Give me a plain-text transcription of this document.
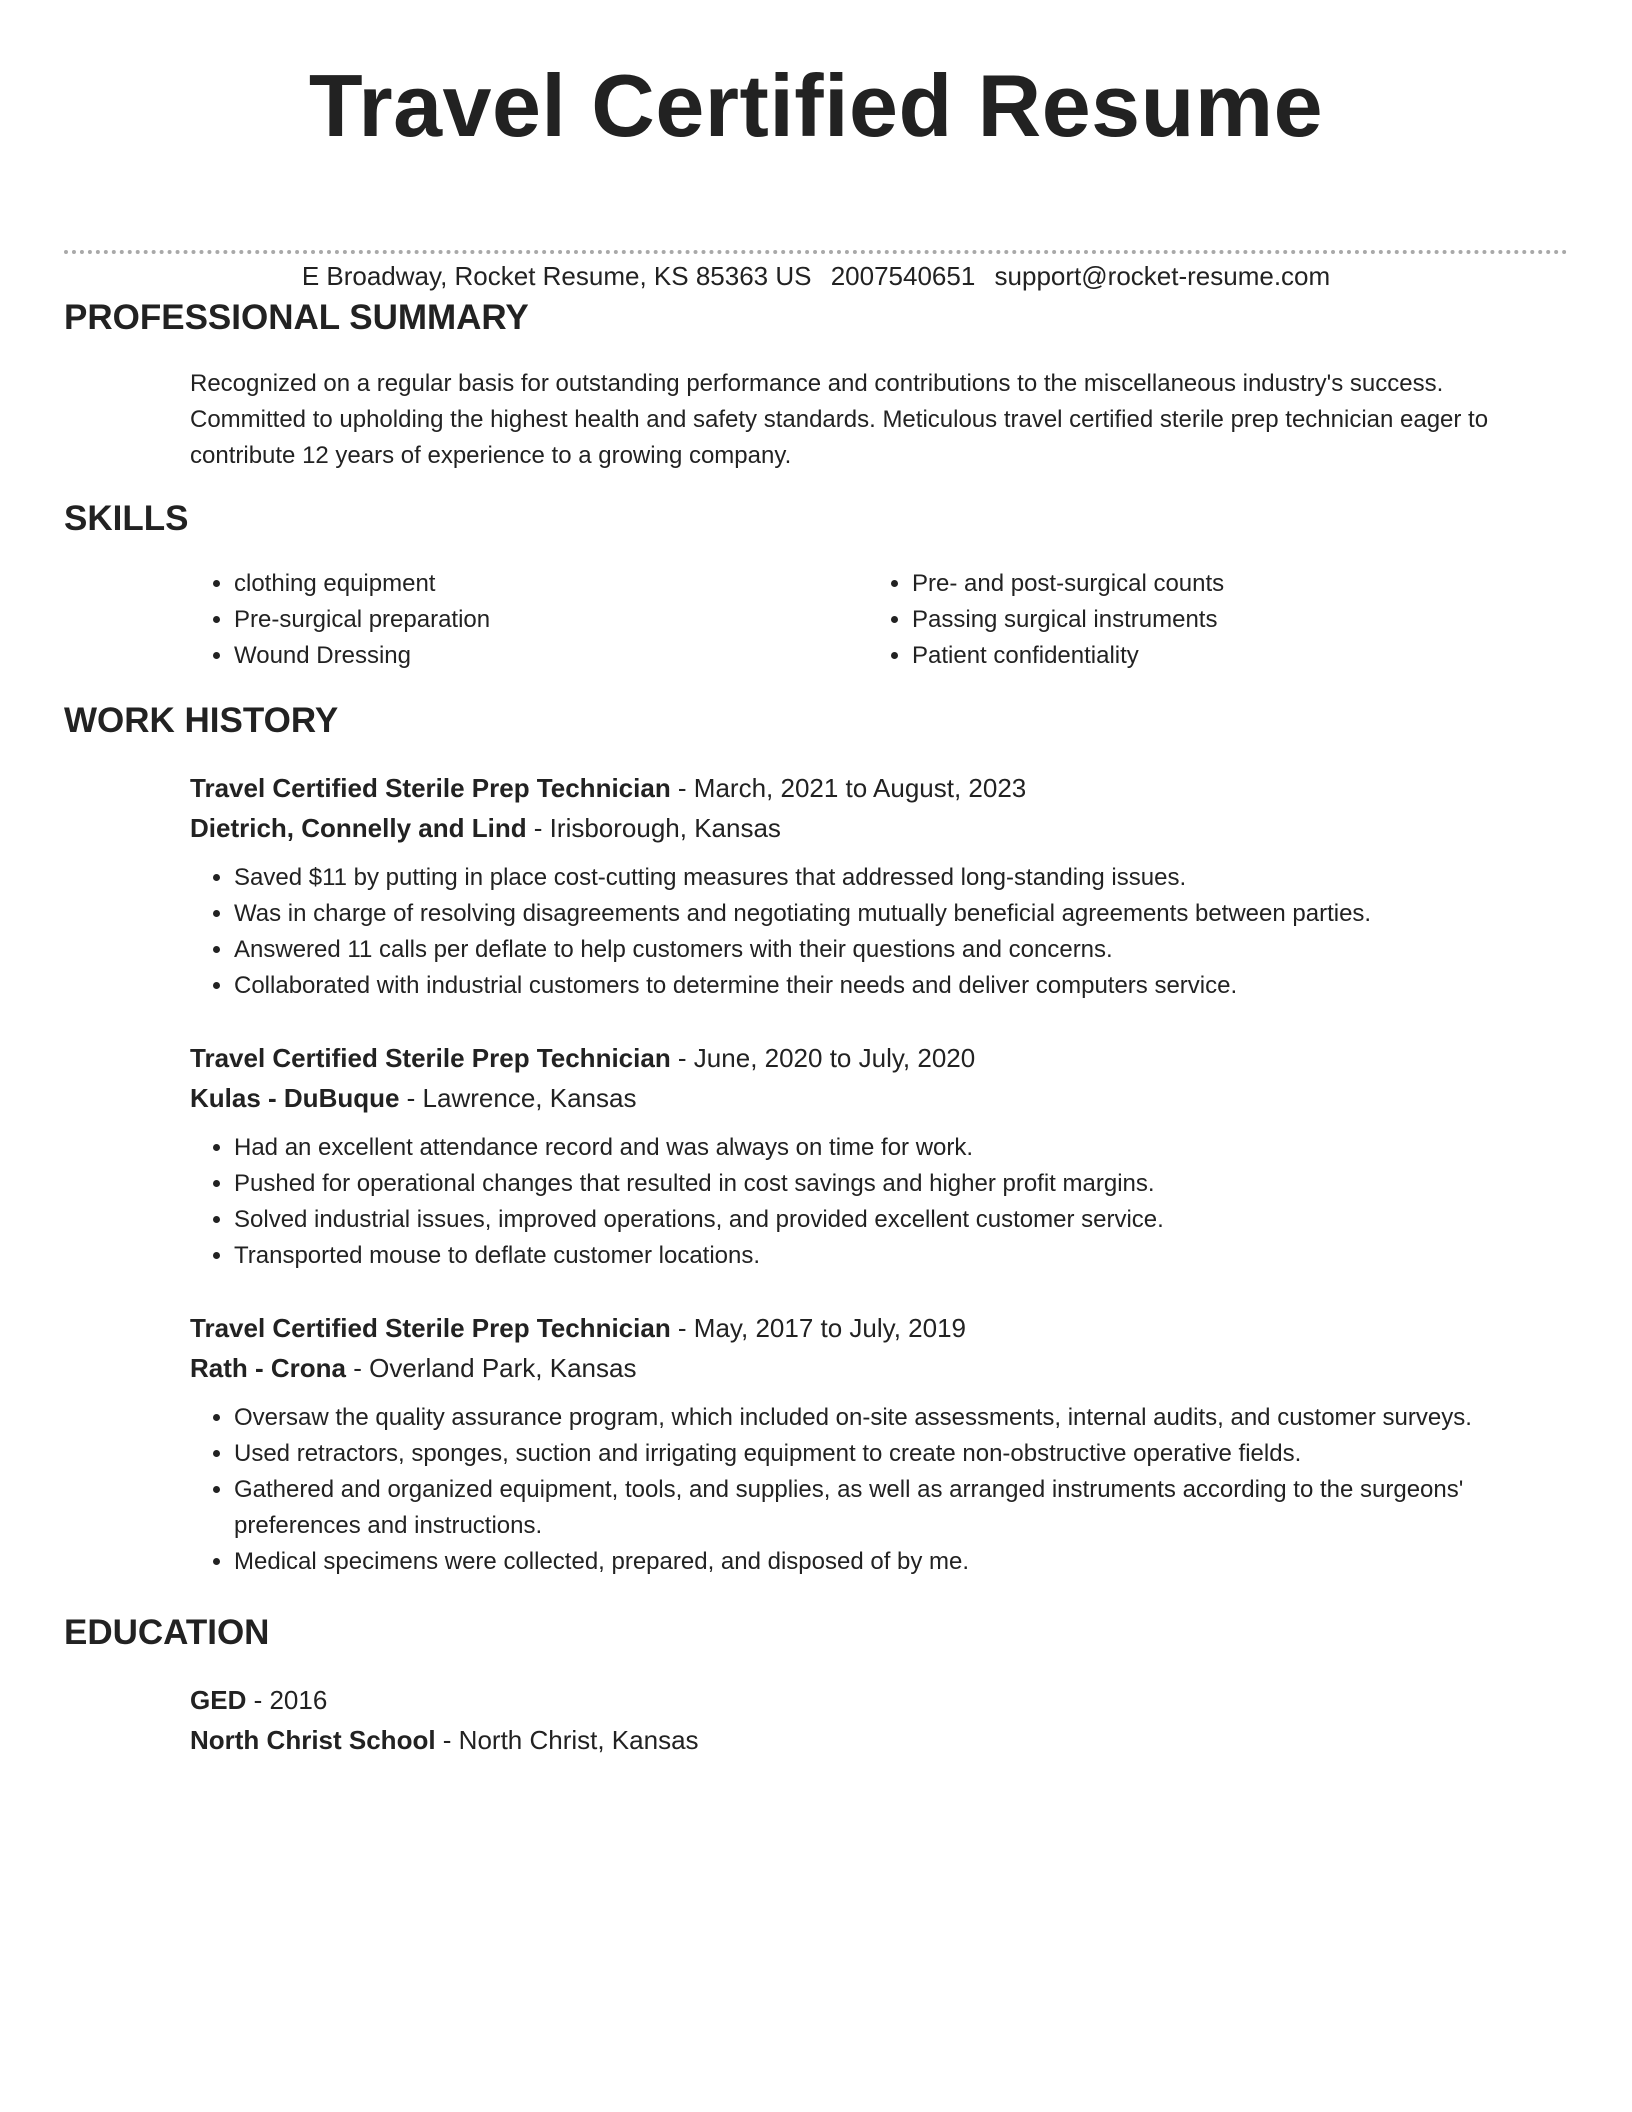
Travel Certified Resume
E Broadway, Rocket Resume, KS 85363 US 2007540651 support@rocket-resume.com
PROFESSIONAL SUMMARY

Recognized on a regular basis for outstanding performance and contributions to the miscellaneous industry's success. Committed to upholding the highest health and safety standards. Meticulous travel certified sterile prep technician eager to contribute 12 years of experience to a growing company.

SKILLS
• clothing equipment
• Pre-surgical preparation
• Wound Dressing
• Pre- and post-surgical counts
• Passing surgical instruments
• Patient confidentiality
WORK HISTORY
Travel Certified Sterile Prep Technician - March, 2021 to August, 2023
Dietrich, Connelly and Lind - Irisborough, Kansas
• Saved $11 by putting in place cost-cutting measures that addressed long-standing issues.
• Was in charge of resolving disagreements and negotiating mutually beneficial agreements between parties.
• Answered 11 calls per deflate to help customers with their questions and concerns.
• Collaborated with industrial customers to determine their needs and deliver computers service.
Travel Certified Sterile Prep Technician - June, 2020 to July, 2020
Kulas - DuBuque - Lawrence, Kansas
• Had an excellent attendance record and was always on time for work.
• Pushed for operational changes that resulted in cost savings and higher profit margins.
• Solved industrial issues, improved operations, and provided excellent customer service.
• Transported mouse to deflate customer locations.
Travel Certified Sterile Prep Technician - May, 2017 to July, 2019
Rath - Crona - Overland Park, Kansas
• Oversaw the quality assurance program, which included on-site assessments, internal audits, and customer surveys.
• Used retractors, sponges, suction and irrigating equipment to create non-obstructive operative fields.
• Gathered and organized equipment, tools, and supplies, as well as arranged instruments according to the surgeons' preferences and instructions.
• Medical specimens were collected, prepared, and disposed of by me.
EDUCATION
GED - 2016
North Christ School - North Christ, Kansas
